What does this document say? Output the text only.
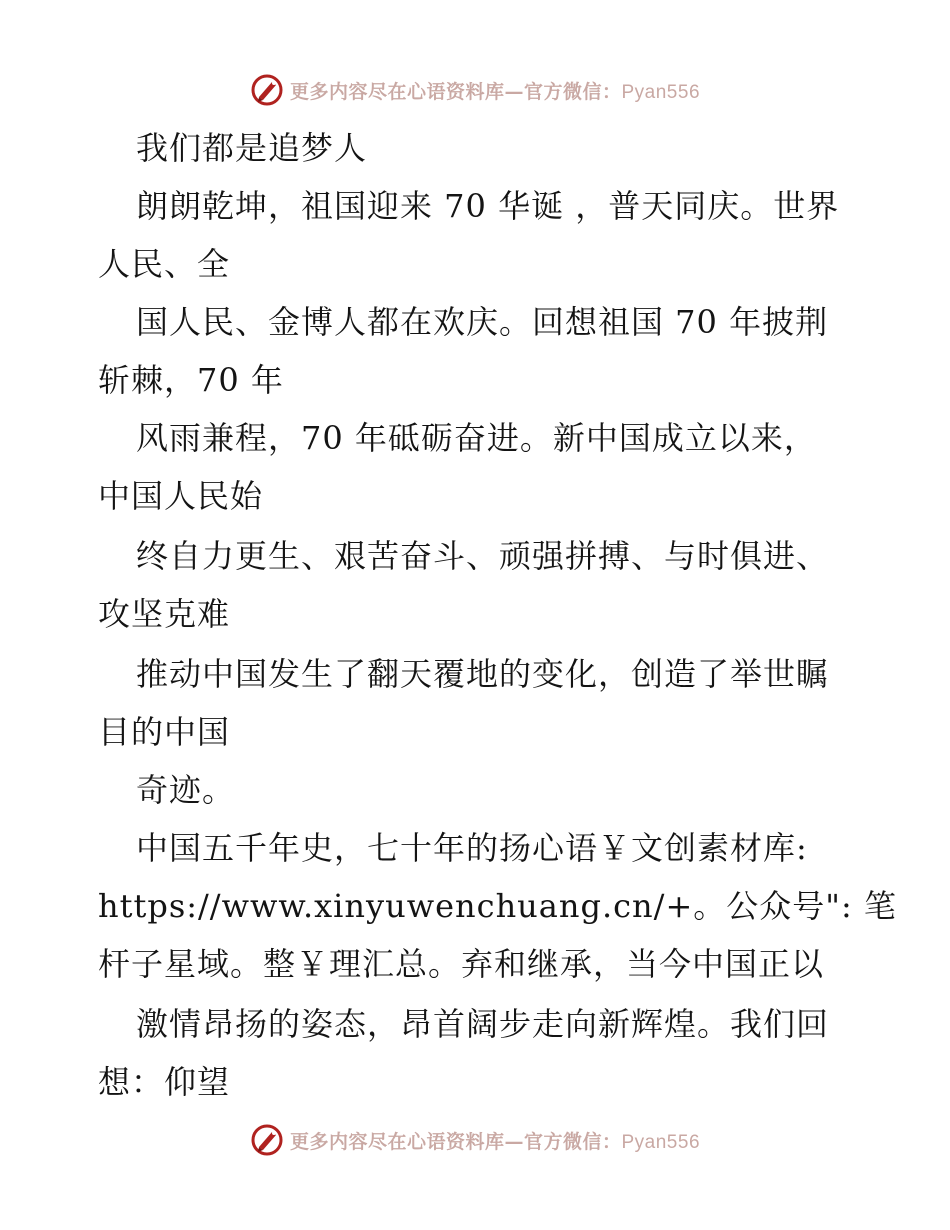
更多内容尽在心语资料库—官方微信：Pyan556
我们都是追梦人
朗朗乾坤，祖国迎来 70 华诞 ，普天同庆。世界
人民、全
国人民、金博人都在欢庆。回想祖国 70 年披荆
斩棘，70 年
风雨兼程，70 年砥砺奋进。新中国成立以来，
中国人民始
终自力更生、艰苦奋斗、顽强拼搏、与时俱进、
攻坚克难
推动中国发生了翻天覆地的变化，创造了举世瞩
目的中国
奇迹。
中国五千年史，七十年的扬心语￥文创素材库:
https://www.xinyuwenchuang.cn/+。公众号": 笔
杆子星域。整￥理汇总。弃和继承，当今中国正以
激情昂扬的姿态，昂首阔步走向新辉煌。我们回
想：仰望
更多内容尽在心语资料库—官方微信：Pyan556
